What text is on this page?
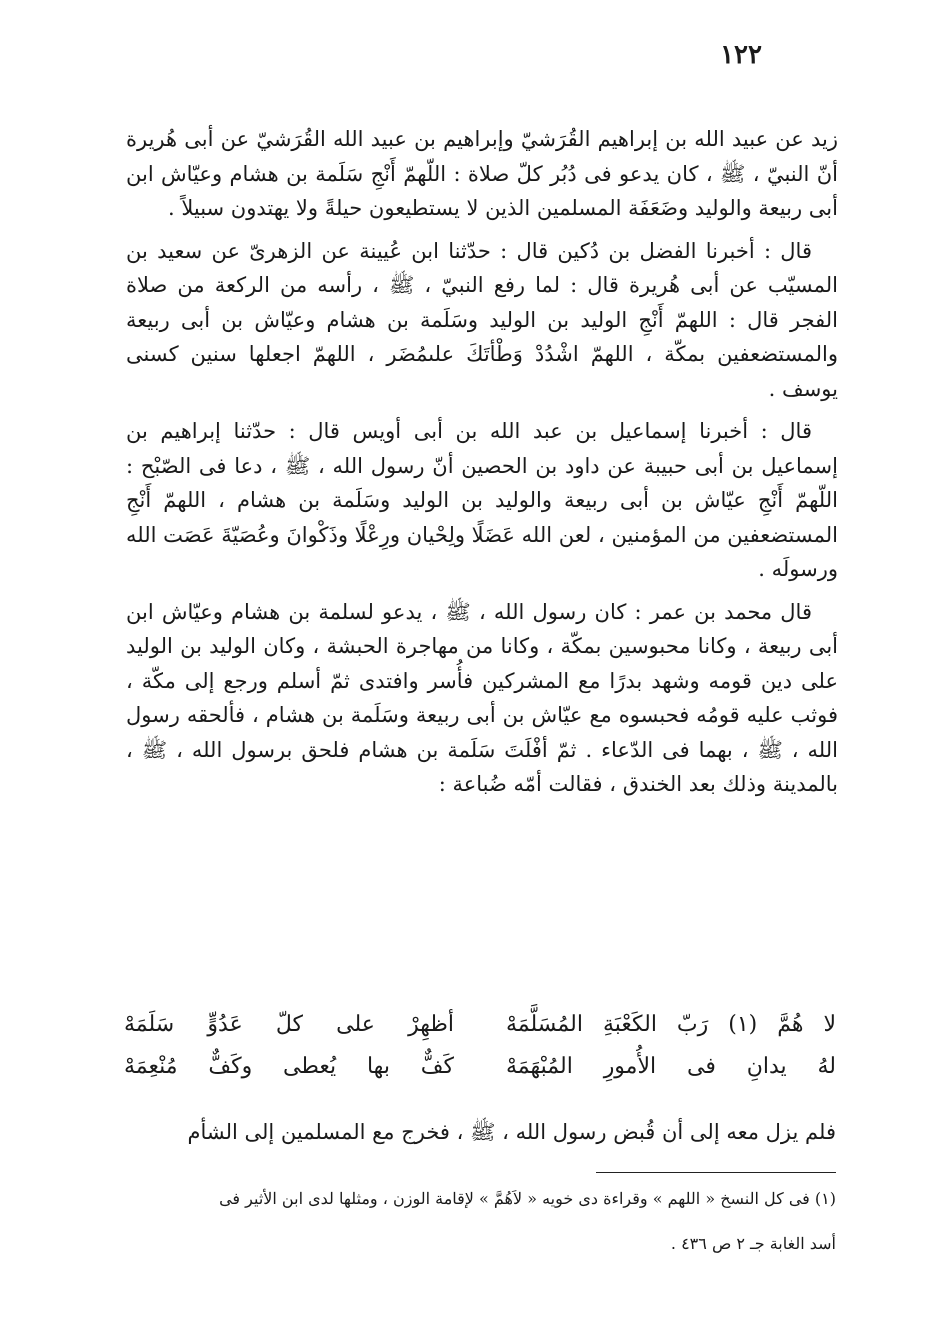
١٢٢

زيد عن عبيد الله بن إبراهيم القُرَشيّ وإبراهيم بن عبيد الله القُرَشيّ عن أبى هُريرة أنّ النبيّ ، ﷺ ، كان يدعو فى دُبُر كلّ صلاة : اللّهمّ أَنْجِ سَلَمة بن هشام وعيّاش ابن أبى ربيعة والوليد وضَعَفَة المسلمين الذين لا يستطيعون حيلةً ولا يهتدون سبيلاً .

قال : أخبرنا الفضل بن دُكين قال : حدّثنا ابن عُيينة عن الزهرىّ عن سعيد بن المسيّب عن أبى هُريرة قال : لما رفع النبيّ ، ﷺ ، رأسه من الركعة من صلاة الفجر قال : اللهمّ أَنْجِ الوليد بن الوليد وسَلَمة بن هشام وعيّاش بن أبى ربيعة والمستضعفين بمكّة ، اللهمّ اشْدُدْ وَطْأتَكَ علىمُضَر ، اللهمّ اجعلها سنين كسنى يوسف .

قال : أخبرنا إسماعيل بن عبد الله بن أبى أويس قال : حدّثنا إبراهيم بن إسماعيل بن أبى حبيبة عن داود بن الحصين أنّ رسول الله ، ﷺ ، دعا فى الصّبْح : اللّهمّ أَنْجِ عيّاش بن أبى ربيعة والوليد بن الوليد وسَلَمة بن هشام ، اللهمّ أَنْجِ المستضعفين من المؤمنين ، لعن الله عَضَلًا ولِحْيان ورِعْلًا وذَكْوانَ وعُصَيّةَ عَصَت الله ورسولَه .

قال محمد بن عمر : كان رسول الله ، ﷺ ، يدعو لسلمة بن هشام وعيّاش ابن أبى ربيعة ، وكانا محبوسين بمكّة ، وكانا من مهاجرة الحبشة ، وكان الوليد بن الوليد على دين قومه وشهد بدرًا مع المشركين فأُسر وافتدى ثمّ أسلم ورجع إلى مكّة ، فوثب عليه قومُه فحبسوه مع عيّاش بن أبى ربيعة وسَلَمة بن هشام ، فألحقه رسول الله ، ﷺ ، بهما فى الدّعاء . ثمّ أفْلَتَ سَلَمة بن هشام فلحق برسول الله ، ﷺ ، بالمدينة وذلك بعد الخندق ، فقالت أمّه ضُباعة :

لا هُمَّ (١) رَبّ الكَعْبَةِ المُسَلَّمَهْ
أظهِرْ على كلّ عَدُوٍّ سَلَمَهْ
لهُ يدانِ فى الأُمورِ المُبْهَمَهْ
كَفٌّ بها يُعطى وكَفٌّ مُنْعِمَهْ
فلم يزل معه إلى أن قُبض رسول الله ، ﷺ ، فخرج مع المسلمين إلى الشأم

(١) فى كل النسخ « اللهم » وقراءة دى خويه « لاَهُمَّ » لإقامة الوزن ، ومثلها لدى ابن الأثير فى

أسد الغابة جـ ٢ ص ٤٣٦ .
